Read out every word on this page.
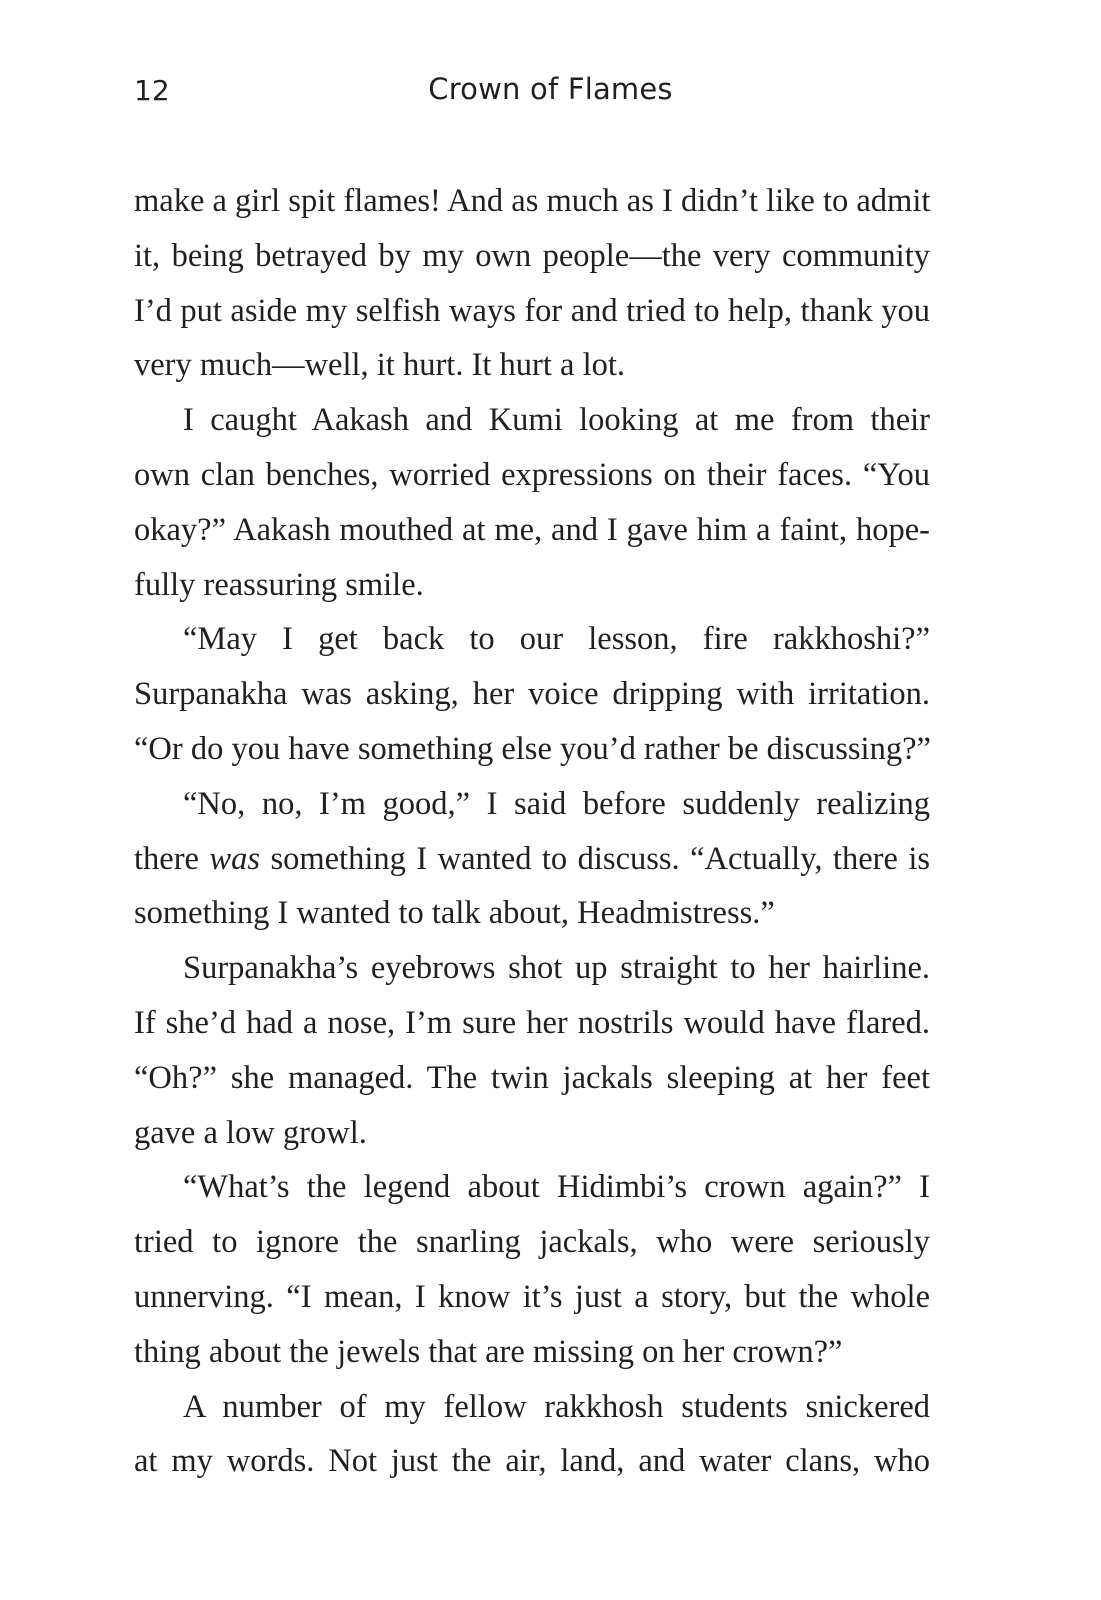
12	Crown of Flames
make a girl spit flames! And as much as I didn’t like to admit
it, being betrayed by my own people—the very community
I’d put aside my selfish ways for and tried to help, thank you
very much—well, it hurt. It hurt a lot.
I caught Aakash and Kumi looking at me from their
own clan benches, worried expressions on their faces. “You
okay?” Aakash mouthed at me, and I gave him a faint, hope-
fully reassuring smile.
“May I get back to our lesson, fire rakkhoshi?”
Surpanakha was asking, her voice dripping with irritation.
“Or do you have something else you’d rather be discussing?”
“No, no, I’m good,” I said before suddenly realizing
there was something I wanted to discuss. “Actually, there is
something I wanted to talk about, Headmistress.”
Surpanakha’s eyebrows shot up straight to her hairline.
If she’d had a nose, I’m sure her nostrils would have flared.
“Oh?” she managed. The twin jackals sleeping at her feet
gave a low growl.
“What’s the legend about Hidimbi’s crown again?” I
tried to ignore the snarling jackals, who were seriously
unnerving. “I mean, I know it’s just a story, but the whole
thing about the jewels that are missing on her crown?”
A number of my fellow rakkhosh students snickered
at my words. Not just the air, land, and water clans, who
